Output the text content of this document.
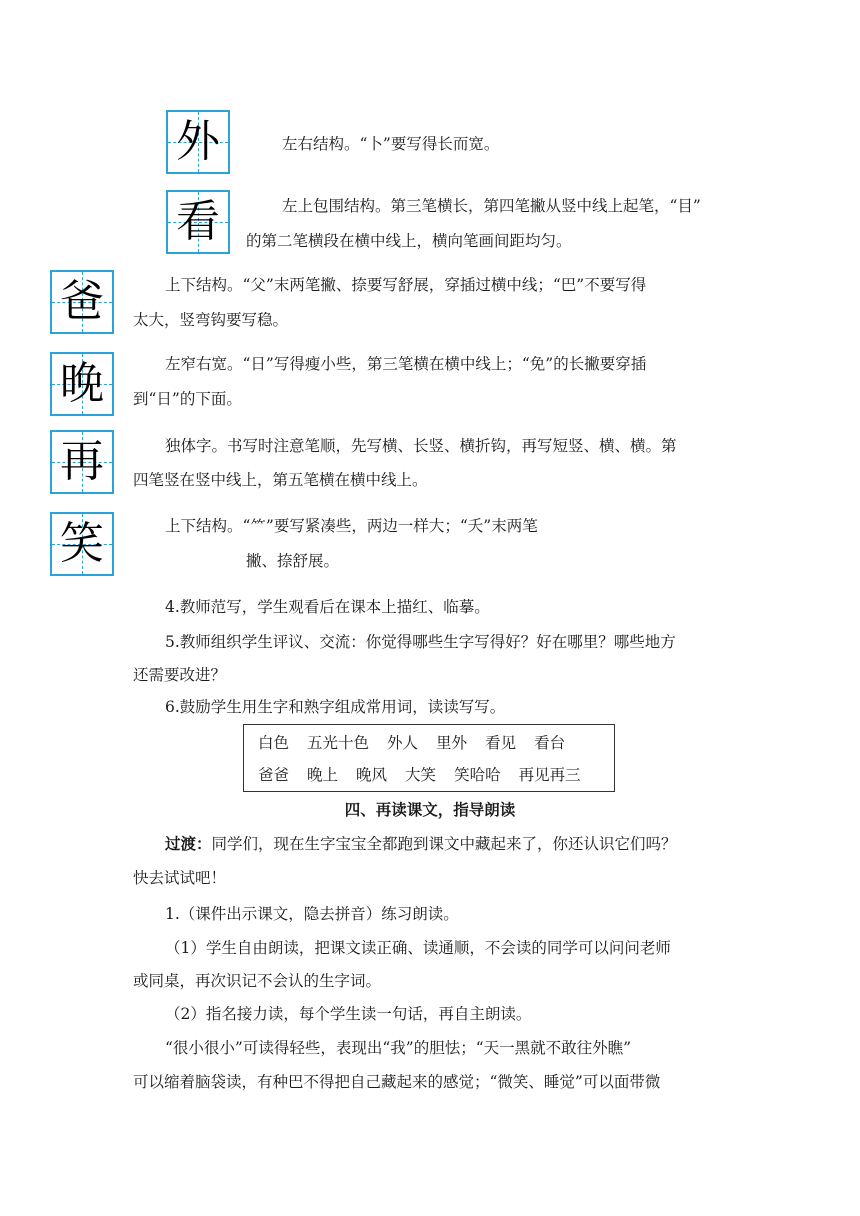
外
看
爸
晚
再
笑
左右结构。“卜”要写得长而宽。
左上包围结构。第三笔横长，第四笔撇从竖中线上起笔，“目”
的第二笔横段在横中线上，横向笔画间距均匀。
上下结构。“父”末两笔撇、捺要写舒展，穿插过横中线；“巴”不要写得
太大，竖弯钩要写稳。
左窄右宽。“日”写得瘦小些，第三笔横在横中线上；“免”的长撇要穿插
到“日”的下面。
独体字。书写时注意笔顺，先写横、长竖、横折钩，再写短竖、横、横。第
四笔竖在竖中线上，第五笔横在横中线上。
上下结构。“⺮”要写紧凑些，两边一样大；“夭”末两笔
撇、捺舒展。
4.教师范写，学生观看后在课本上描红、临摹。
5.教师组织学生评议、交流：你觉得哪些生字写得好？好在哪里？哪些地方
还需要改进？
6.鼓励学生用生字和熟字组成常用词，读读写写。
白色 五光十色 外人 里外 看见 看台
爸爸 晚上 晚风 大笑 笑哈哈 再见再三
四、再读课文，指导朗读
过渡：同学们，现在生字宝宝全都跑到课文中藏起来了，你还认识它们吗？
快去试试吧！
1.（课件出示课文，隐去拼音）练习朗读。
（1）学生自由朗读，把课文读正确、读通顺，不会读的同学可以问问老师
或同桌，再次识记不会认的生字词。
（2）指名接力读，每个学生读一句话，再自主朗读。
“很小很小”可读得轻些，表现出“我”的胆怯；“天一黑就不敢往外瞧”
可以缩着脑袋读，有种巴不得把自己藏起来的感觉；“微笑、睡觉”可以面带微
